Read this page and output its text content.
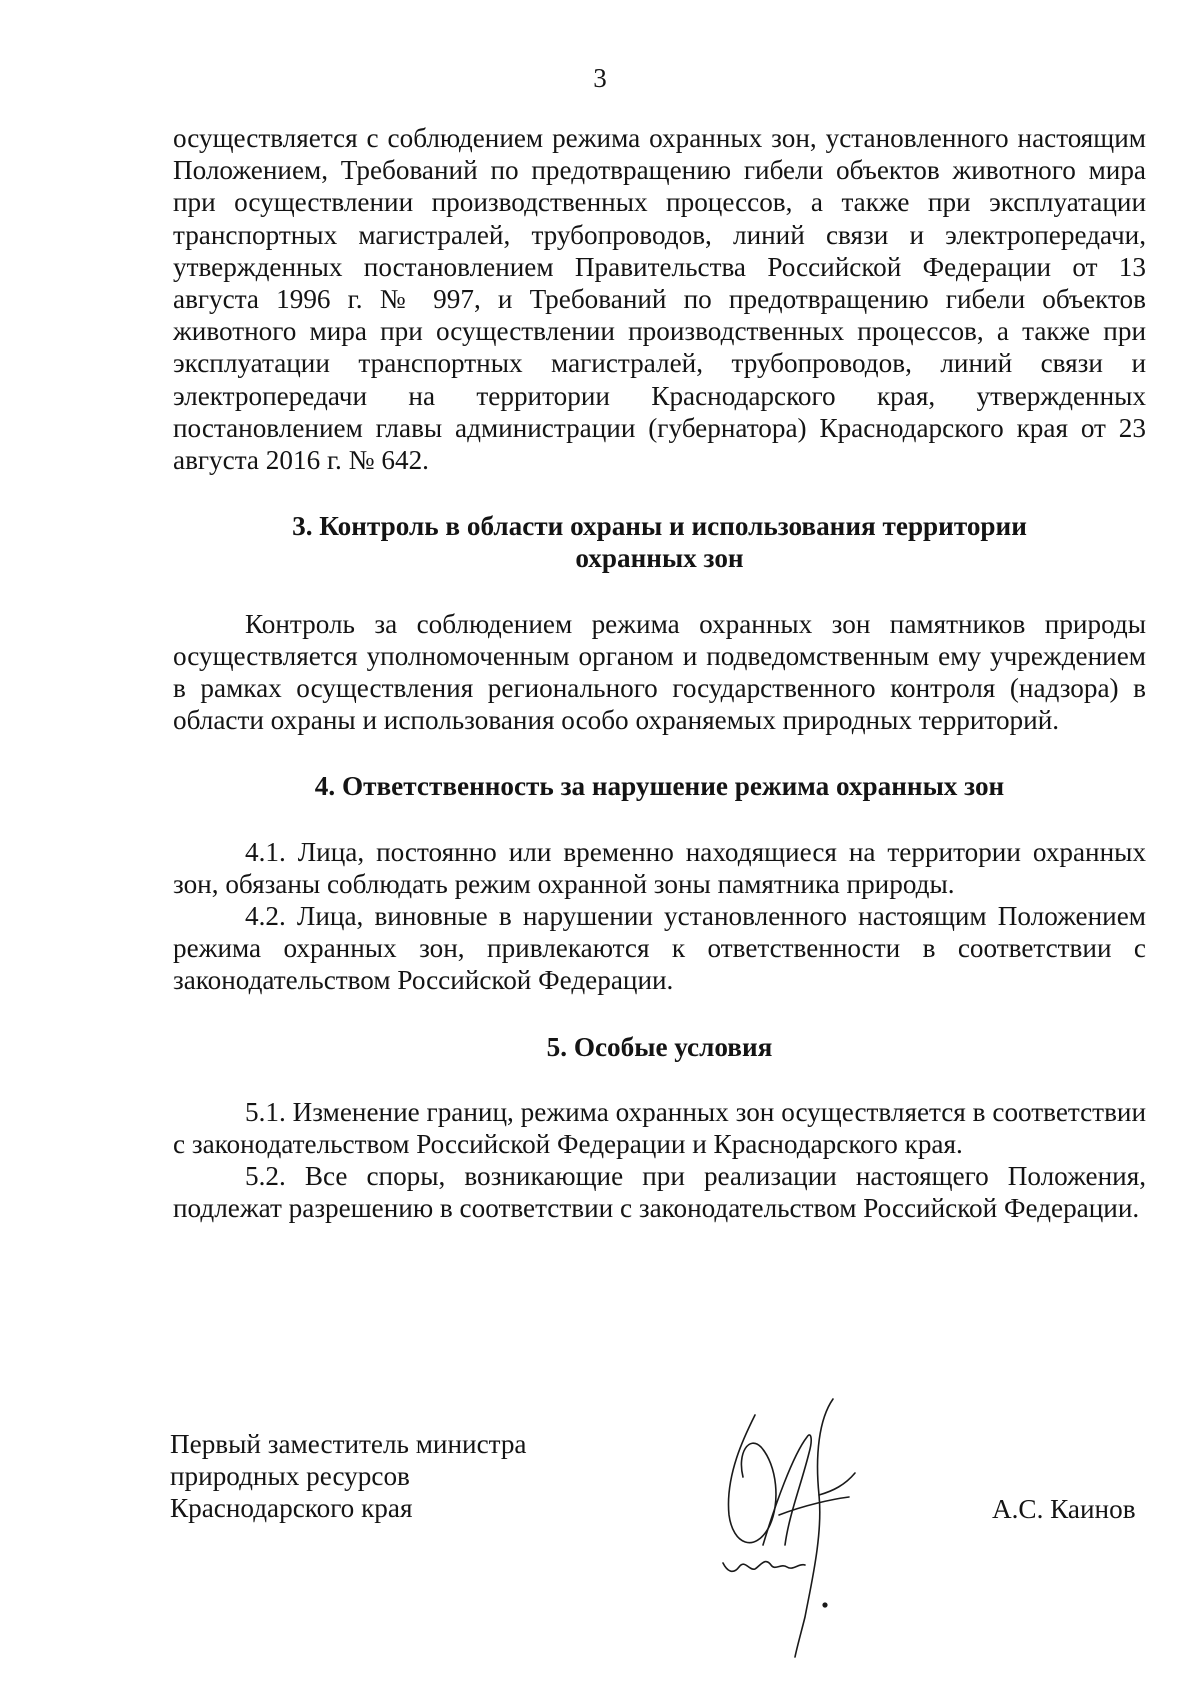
3

осуществляется с соблюдением режима охранных зон, установленного настоящим Положением, Требований по предотвращению гибели объектов животного мира при осуществлении производственных процессов, а также при эксплуатации транспортных магистралей, трубопроводов, линий связи и электропередачи, утвержденных постановлением Правительства Российской Федерации от 13 августа 1996 г. № 997, и Требований по предотвращению гибели объектов животного мира при осуществлении производственных процессов, а также при эксплуатации транспортных магистралей, трубопроводов, линий связи и электропередачи на территории Краснодарского края, утвержденных постановлением главы администрации (губернатора) Краснодарского края от 23 августа 2016 г. № 642.

3. Контроль в области охраны и использования территории

охранных зон

Контроль за соблюдением режима охранных зон памятников природы осуществляется уполномоченным органом и подведомственным ему учреждением в рамках осуществления регионального государственного контроля (надзора) в области охраны и использования особо охраняемых природных территорий.

4. Ответственность за нарушение режима охранных зон

4.1. Лица, постоянно или временно находящиеся на территории охранных зон, обязаны соблюдать режим охранной зоны памятника природы.

4.2. Лица, виновные в нарушении установленного настоящим Положением режима охранных зон, привлекаются к ответственности в соответствии с законодательством Российской Федерации.

5. Особые условия

5.1. Изменение границ, режима охранных зон осуществляется в соответствии с законодательством Российской Федерации и Краснодарского края.

5.2. Все споры, возникающие при реализации настоящего Положения, подлежат разрешению в соответствии с законодательством Российской Федерации.

Первый заместитель министра
природных ресурсов
Краснодарского края	А.С. Каинов
